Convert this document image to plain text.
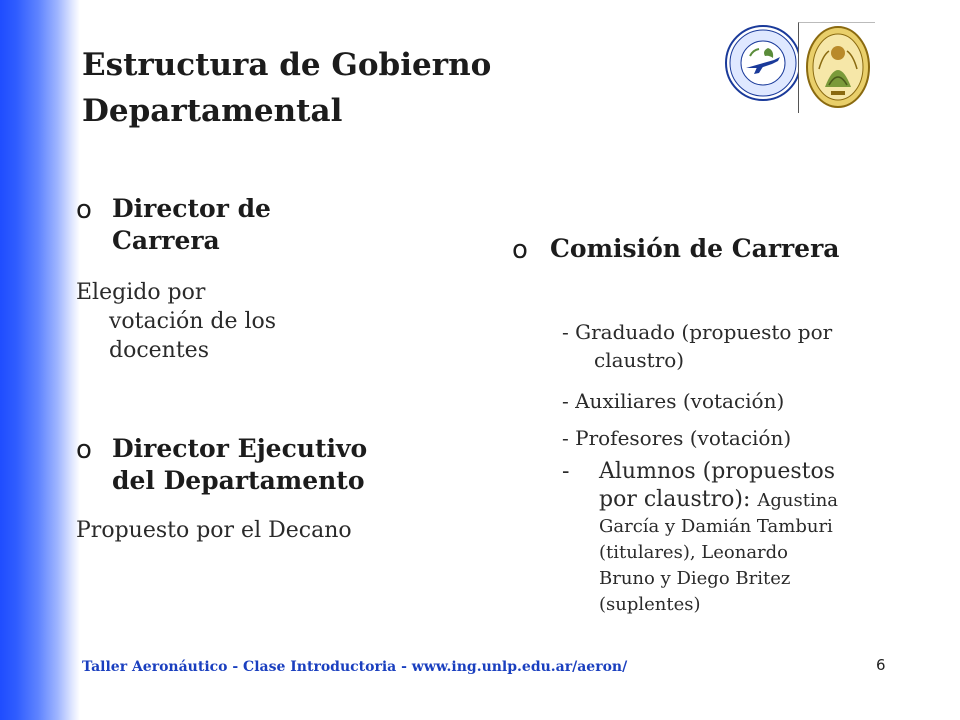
Estructura de Gobierno
Departamental
o Director de
Carrera
Elegido por
votación de los
docentes
o Director Ejecutivo
del Departamento
Propuesto por el Decano
o Comisión de Carrera
- Graduado (propuesto por
claustro)
- Auxiliares (votación)
- Profesores (votación)
- Alumnos (propuestos
por claustro): Agustina
García y Damián Tamburi
(titulares), Leonardo
Bruno y Diego Britez
(suplentes)
Taller Aeronáutico - Clase Introductoria - www.ing.unlp.edu.ar/aeron/	6
